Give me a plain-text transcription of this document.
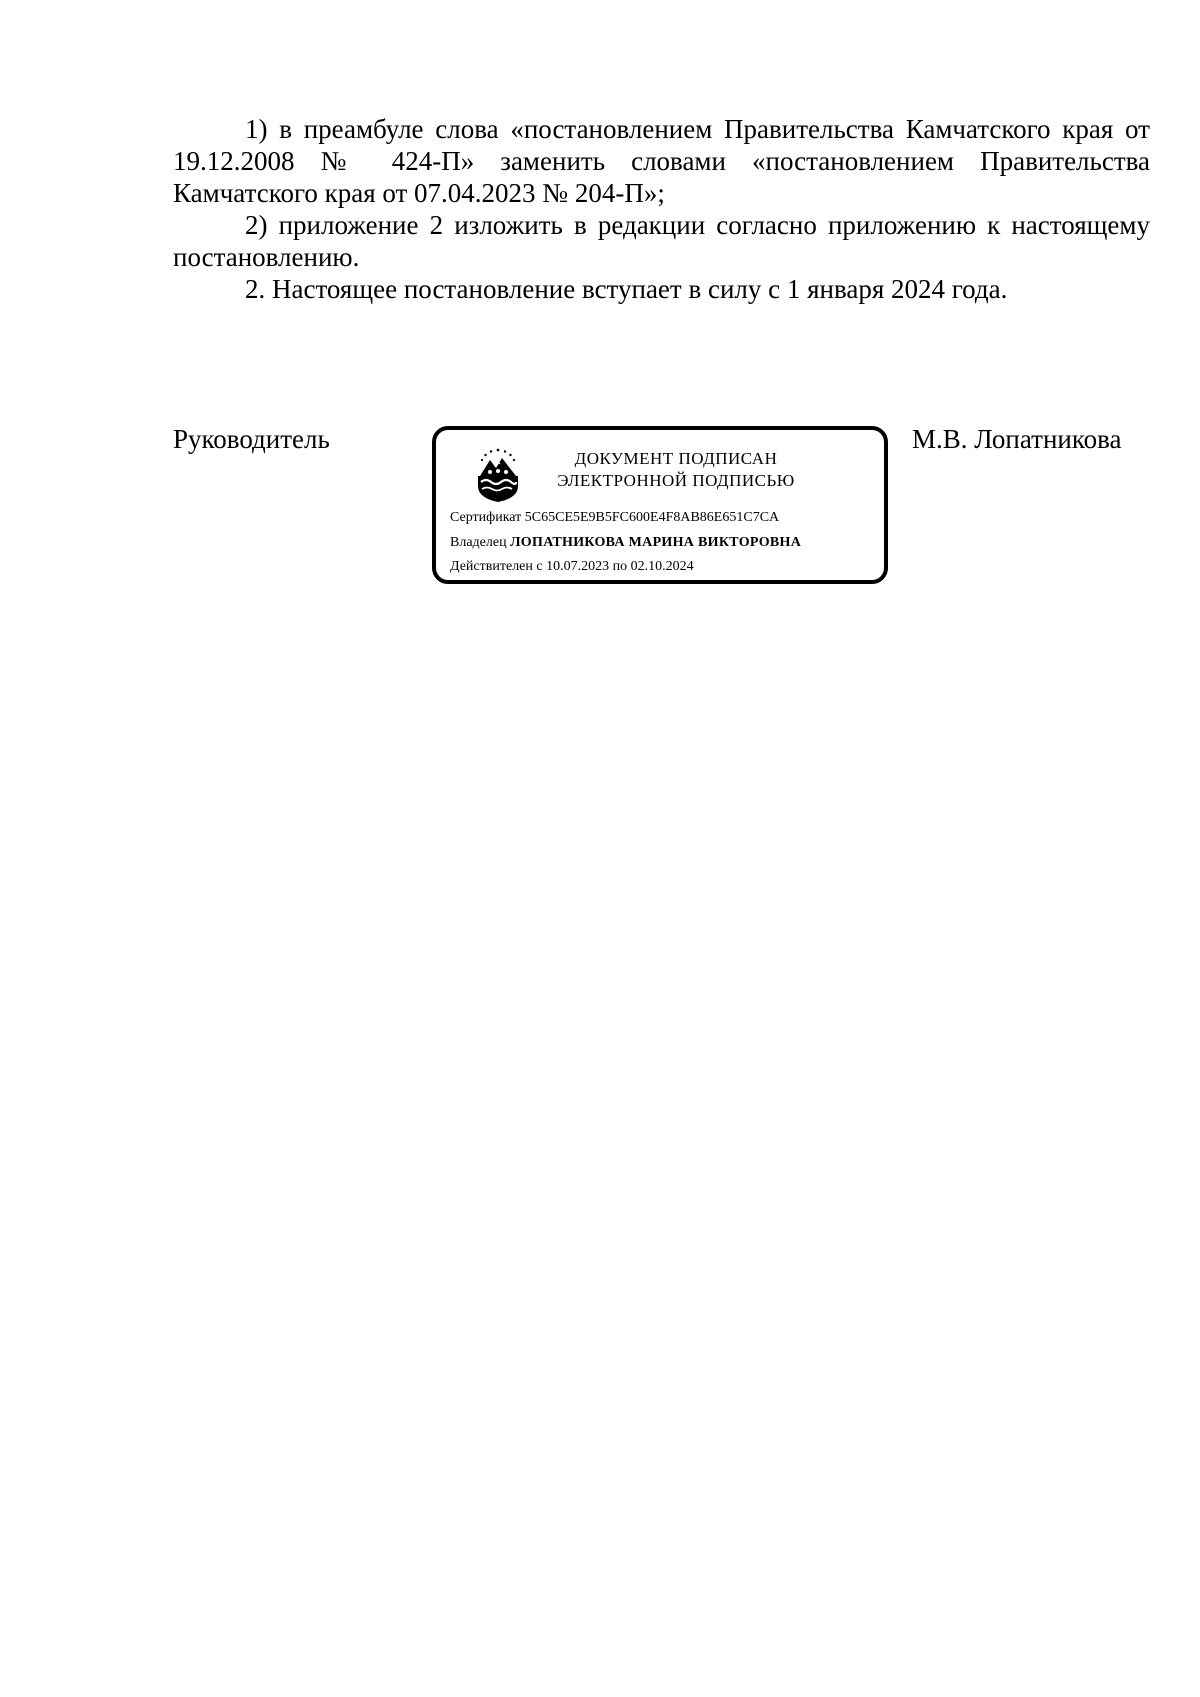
1) в преамбуле слова «постановлением Правительства Камчатского края от 19.12.2008 № 424-П» заменить словами «постановлением Правительства Камчатского края от 07.04.2023 № 204-П»;

2) приложение 2 изложить в редакции согласно приложению к настоящему постановлению.

2. Настоящее постановление вступает в силу с 1 января 2024 года.

Руководитель
ДОКУМЕНТ ПОДПИСАН
ЭЛЕКТРОННОЙ ПОДПИСЬЮ
Сертификат 5C65CE5E9B5FC600E4F8AB86E651C7CA
Владелец ЛОПАТНИКОВА МАРИНА ВИКТОРОВНА
Действителен с 10.07.2023 по 02.10.2024
М.В. Лопатникова
